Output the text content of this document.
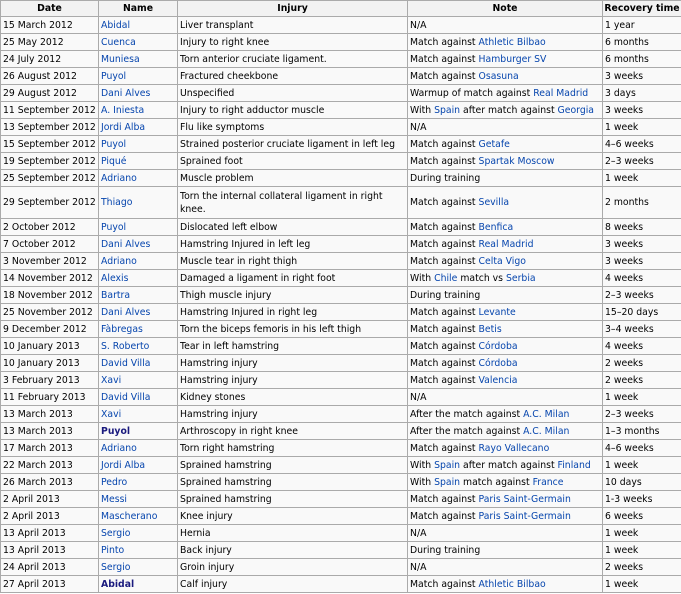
Date	Name	Injury	Note	Recovery time
15 March 2012	Abidal	Liver transplant	N/A	1 year
25 May 2012	Cuenca	Injury to right knee	Match against Athletic Bilbao	6 months
24 July 2012	Muniesa	Torn anterior cruciate ligament.	Match against Hamburger SV	6 months
26 August 2012	Puyol	Fractured cheekbone	Match against Osasuna	3 weeks
29 August 2012	Dani Alves	Unspecified	Warmup of match against Real Madrid	3 days
11 September 2012	A. Iniesta	Injury to right adductor muscle	With Spain after match against Georgia	3 weeks
13 September 2012	Jordi Alba	Flu like symptoms	N/A	1 week
15 September 2012	Puyol	Strained posterior cruciate ligament in left leg	Match against Getafe	4–6 weeks
19 September 2012	Piqué	Sprained foot	Match against Spartak Moscow	2–3 weeks
25 September 2012	Adriano	Muscle problem	During training	1 week
29 September 2012	Thiago	Torn the internal collateral ligament in right knee.	Match against Sevilla	2 months
2 October 2012	Puyol	Dislocated left elbow	Match against Benfica	8 weeks
7 October 2012	Dani Alves	Hamstring Injured in left leg	Match against Real Madrid	3 weeks
3 November 2012	Adriano	Muscle tear in right thigh	Match against Celta Vigo	3 weeks
14 November 2012	Alexis	Damaged a ligament in right foot	With Chile match vs Serbia	4 weeks
18 November 2012	Bartra	Thigh muscle injury	During training	2–3 weeks
25 November 2012	Dani Alves	Hamstring Injured in right leg	Match against Levante	15–20 days
9 December 2012	Fàbregas	Torn the biceps femoris in his left thigh	Match against Betis	3–4 weeks
10 January 2013	S. Roberto	Tear in left hamstring	Match against Córdoba	4 weeks
10 January 2013	David Villa	Hamstring injury	Match against Córdoba	2 weeks
3 February 2013	Xavi	Hamstring injury	Match against Valencia	2 weeks
11 February 2013	David Villa	Kidney stones	N/A	1 week
13 March 2013	Xavi	Hamstring injury	After the match against A.C. Milan	2–3 weeks
13 March 2013	Puyol	Arthroscopy in right knee	After the match against A.C. Milan	1–3 months
17 March 2013	Adriano	Torn right hamstring	Match against Rayo Vallecano	4–6 weeks
22 March 2013	Jordi Alba	Sprained hamstring	With Spain after match against Finland	1 week
26 March 2013	Pedro	Sprained hamstring	With Spain match against France	10 days
2 April 2013	Messi	Sprained hamstring	Match against Paris Saint-Germain	1-3 weeks
2 April 2013	Mascherano	Knee injury	Match against Paris Saint-Germain	6 weeks
13 April 2013	Sergio	Hernia	N/A	1 week
13 April 2013	Pinto	Back injury	During training	1 week
24 April 2013	Sergio	Groin injury	N/A	2 weeks
27 April 2013	Abidal	Calf injury	Match against Athletic Bilbao	1 week
